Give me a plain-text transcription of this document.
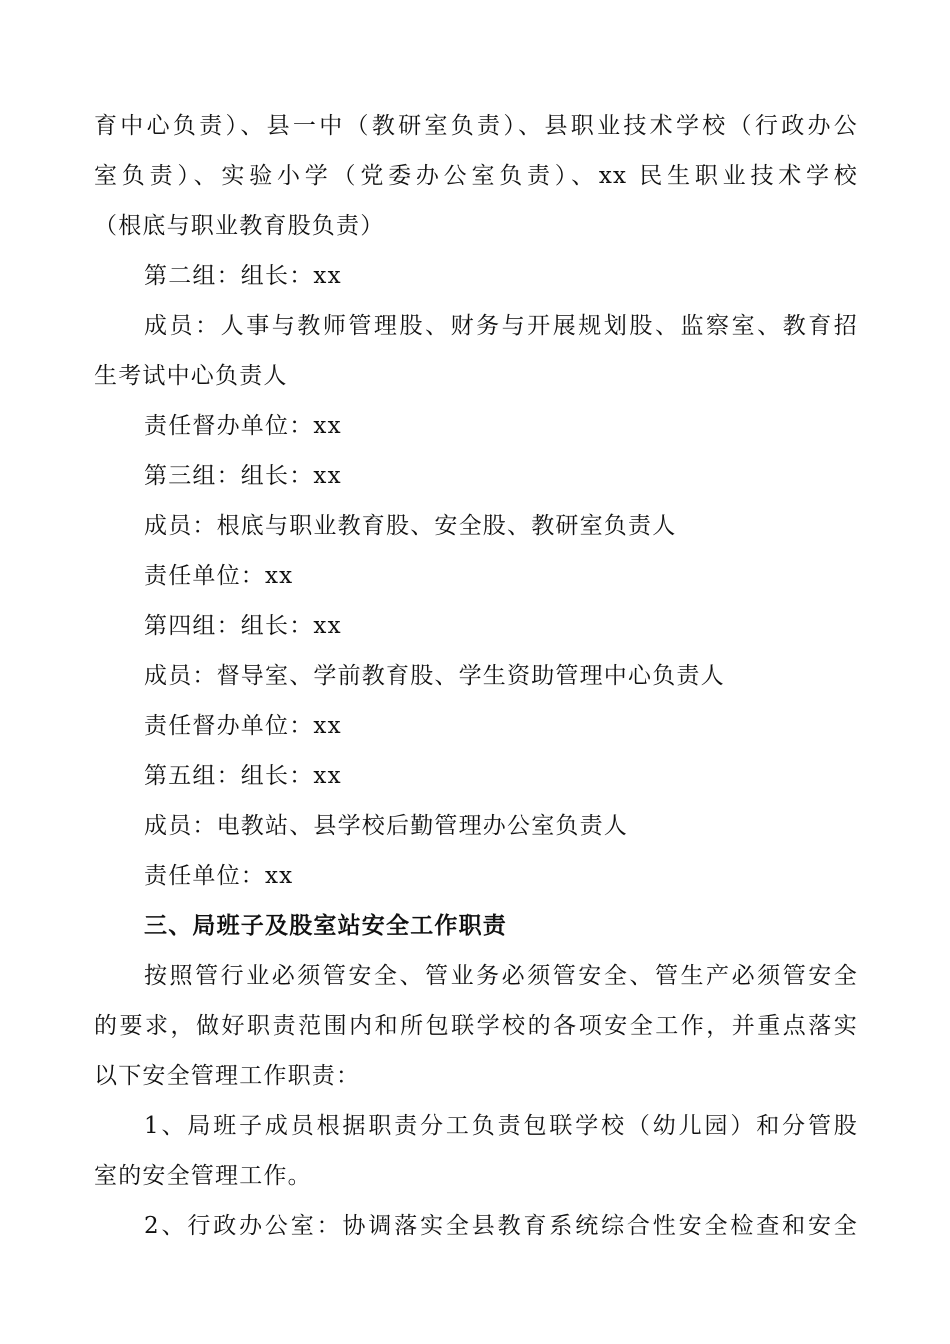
育中心负责）、县一中（教研室负责）、县职业技术学校（行政办公
室负责）、实验小学（党委办公室负责）、xx 民生职业技术学校
（根底与职业教育股负责）
第二组：组长：xx
成员：人事与教师管理股、财务与开展规划股、监察室、教育招
生考试中心负责人
责任督办单位：xx
第三组：组长：xx
成员：根底与职业教育股、安全股、教研室负责人
责任单位：xx
第四组：组长：xx
成员：督导室、学前教育股、学生资助管理中心负责人
责任督办单位：xx
第五组：组长：xx
成员：电教站、县学校后勤管理办公室负责人
责任单位：xx
三、局班子及股室站安全工作职责
按照管行业必须管安全、管业务必须管安全、管生产必须管安全
的要求，做好职责范围内和所包联学校的各项安全工作，并重点落实
以下安全管理工作职责：
1、局班子成员根据职责分工负责包联学校（幼儿园）和分管股
室的安全管理工作。
2、行政办公室：协调落实全县教育系统综合性安全检查和安全
